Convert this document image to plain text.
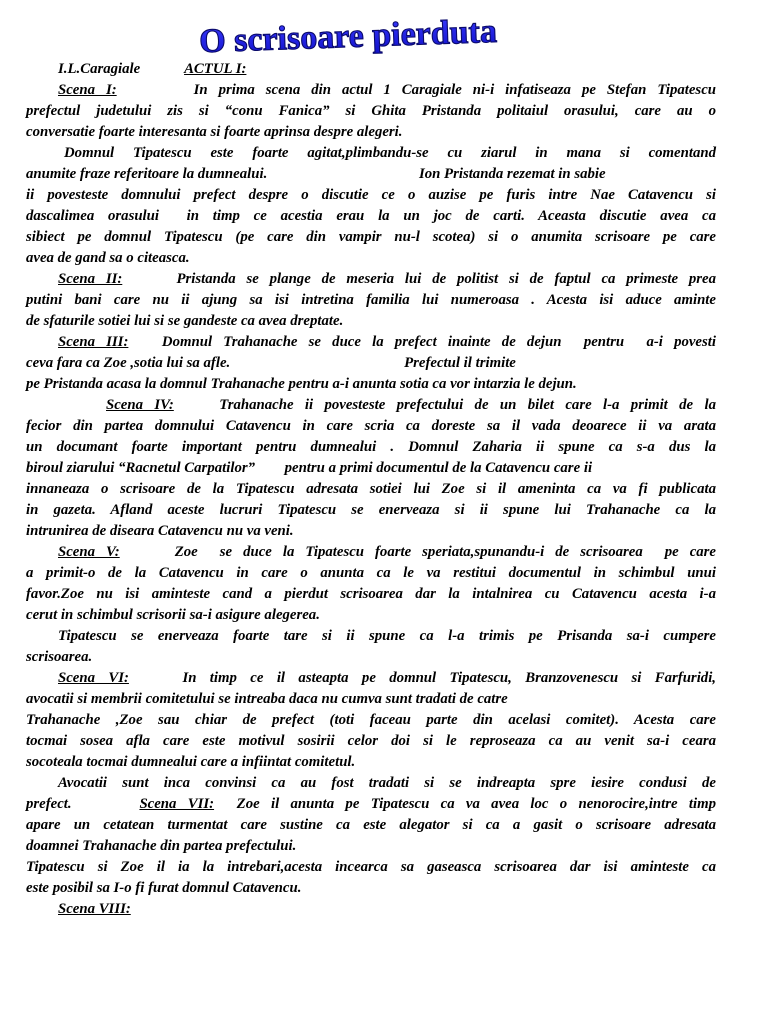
O scrisoare pierduta
I.L.Caragiale	ACTUL I:
Scena I:       In prima scena din actul 1 Caragiale ni-i infatiseaza pe Stefan Tipatescu
prefectul judetului zis si “conu Fanica” si Ghita Pristanda politaiul orasului, care au o
conversatie foarte interesanta si foarte aprinsa despre alegeri.
Domnul Tipatescu este foarte agitat,plimbandu-se cu ziarul in mana si comentand
anumite fraze referitoare la dumnealui.                                         Ion Pristanda rezemat in sabie
ii povesteste domnului prefect despre o discutie ce o auzise pe furis intre Nae Catavencu si
dascalimea orasului  in timp ce acestia erau la un joc de carti. Aceasta discutie avea ca
sibiect pe domnul Tipatescu (pe care din vampir nu-l scotea) si o anumita scrisoare pe care
avea de gand sa o citeasca.
Scena II:     Pristanda se plange de meseria lui de politist si de faptul ca primeste prea
putini bani care nu ii ajung sa isi intretina familia lui numeroasa . Acesta isi aduce aminte
de sfaturile sotiei lui si se gandeste ca avea dreptate.
Scena III:   Domnul Trahanache se duce la prefect inainte de dejun  pentru  a-i povesti
ceva fara ca Zoe ,sotia lui sa afle.                                               Prefectul il trimite
pe Pristanda acasa la domnul Trahanache pentru a-i anunta sotia ca vor intarzia le dejun.
Scena IV:    Trahanache ii povesteste prefectului de un bilet care l-a primit de la
fecior din partea domnului Catavencu in care scria ca doreste sa il vada deoarece ii va arata
un documant foarte important pentru dumnealui . Domnul Zaharia ii spune ca s-a dus la
biroul ziarului “Racnetul Carpatilor”        pentru a primi documentul de la Catavencu care ii
innaneaza o scrisoare de la Tipatescu adresata sotiei lui Zoe si il ameninta ca va fi publicata
in gazeta. Afland aceste lucruri Tipatescu se enerveaza si ii spune lui Trahanache ca la
intrunirea de diseara Catavencu nu va veni.
Scena V:     Zoe  se duce la Tipatescu foarte speriata,spunandu-i de scrisoarea  pe care
a primit-o de la Catavencu in care o anunta ca le va restitui documentul in schimbul unui
favor.Zoe nu isi aminteste cand a pierdut scrisoarea dar la intalnirea cu Catavencu acesta i-a
cerut in schimbul scrisorii sa-i asigure alegerea.
Tipatescu se enerveaza foarte tare si ii spune ca l-a trimis pe Prisanda sa-i cumpere
scrisoarea.
Scena VI:    In timp ce il asteapta pe domnul Tipatescu, Branzovenescu si Farfuridi,
avocatii si membrii comitetului se intreaba daca nu cumva sunt tradati de catre
Trahanache ,Zoe sau chiar de prefect (toti faceau parte din acelasi comitet). Acesta care
tocmai sosea afla care este motivul sosirii celor doi si le reproseaza ca au venit sa-i ceara
socoteala tocmai dumnealui care a infiintat comitetul.
Avocatii sunt inca convinsi ca au fost tradati si se indreapta spre iesire condusi de
prefect.      Scena VII:  Zoe il anunta pe Tipatescu ca va avea loc o nenorocire,intre timp
apare un cetatean turmentat care sustine ca este alegator si ca a gasit o scrisoare adresata
doamnei Trahanache din partea prefectului.
Tipatescu si Zoe il ia la intrebari,acesta incearca sa gaseasca scrisoarea dar isi aminteste ca
este posibil sa I-o fi furat domnul Catavencu.
Scena VIII:
